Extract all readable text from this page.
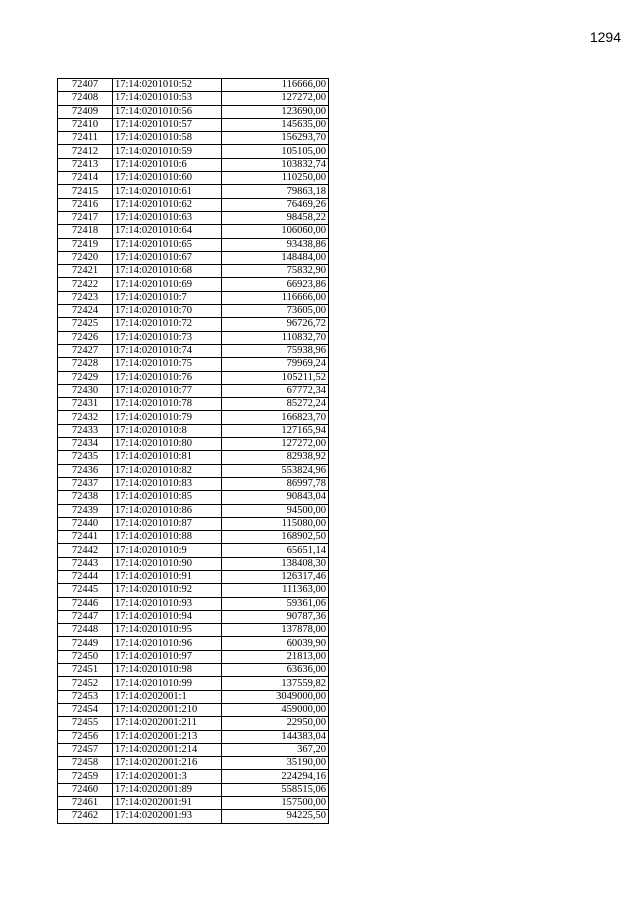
1294
72407	17:14:0201010:52	116666,00
72408	17:14:0201010:53	127272,00
72409	17:14:0201010:56	123690,00
72410	17:14:0201010:57	145635,00
72411	17:14:0201010:58	156293,70
72412	17:14:0201010:59	105105,00
72413	17:14:0201010:6	103832,74
72414	17:14:0201010:60	110250,00
72415	17:14:0201010:61	79863,18
72416	17:14:0201010:62	76469,26
72417	17:14:0201010:63	98458,22
72418	17:14:0201010:64	106060,00
72419	17:14:0201010:65	93438,86
72420	17:14:0201010:67	148484,00
72421	17:14:0201010:68	75832,90
72422	17:14:0201010:69	66923,86
72423	17:14:0201010:7	116666,00
72424	17:14:0201010:70	73605,00
72425	17:14:0201010:72	96726,72
72426	17:14:0201010:73	110832,70
72427	17:14:0201010:74	75938,96
72428	17:14:0201010:75	79969,24
72429	17:14:0201010:76	105211,52
72430	17:14:0201010:77	67772,34
72431	17:14:0201010:78	85272,24
72432	17:14:0201010:79	166823,70
72433	17:14:0201010:8	127165,94
72434	17:14:0201010:80	127272,00
72435	17:14:0201010:81	82938,92
72436	17:14:0201010:82	553824,96
72437	17:14:0201010:83	86997,78
72438	17:14:0201010:85	90843,04
72439	17:14:0201010:86	94500,00
72440	17:14:0201010:87	115080,00
72441	17:14:0201010:88	168902,50
72442	17:14:0201010:9	65651,14
72443	17:14:0201010:90	138408,30
72444	17:14:0201010:91	126317,46
72445	17:14:0201010:92	111363,00
72446	17:14:0201010:93	59361,06
72447	17:14:0201010:94	90787,36
72448	17:14:0201010:95	137878,00
72449	17:14:0201010:96	60039,90
72450	17:14:0201010:97	21813,00
72451	17:14:0201010:98	63636,00
72452	17:14:0201010:99	137559,82
72453	17:14:0202001:1	3049000,00
72454	17:14:0202001:210	459000,00
72455	17:14:0202001:211	22950,00
72456	17:14:0202001:213	144383,04
72457	17:14:0202001:214	367,20
72458	17:14:0202001:216	35190,00
72459	17:14:0202001:3	224294,16
72460	17:14:0202001:89	558515,06
72461	17:14:0202001:91	157500,00
72462	17:14:0202001:93	94225,50
